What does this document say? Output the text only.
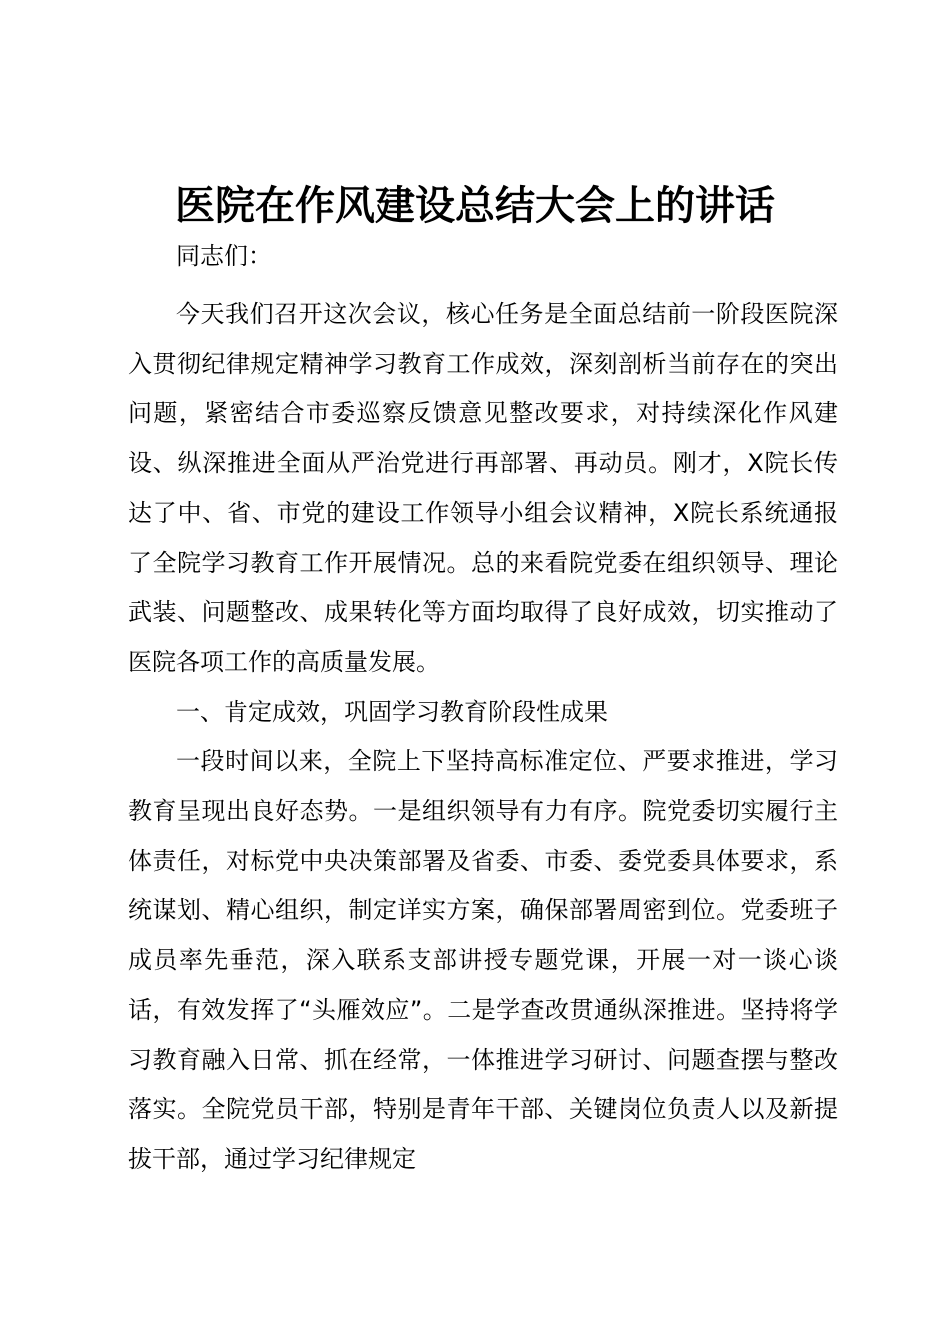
医院在作风建设总结大会上的讲话

同志们：

今天我们召开这次会议，核心任务是全面总结前一阶段医院深入贯彻纪律规定精神学习教育工作成效，深刻剖析当前存在的突出问题，紧密结合市委巡察反馈意见整改要求，对持续深化作风建设、纵深推进全面从严治党进行再部署、再动员。刚才，X院长传达了中、省、市党的建设工作领导小组会议精神，X院长系统通报了全院学习教育工作开展情况。总的来看院党委在组织领导、理论武装、问题整改、成果转化等方面均取得了良好成效，切实推动了医院各项工作的高质量发展。

一、肯定成效，巩固学习教育阶段性成果

一段时间以来，全院上下坚持高标准定位、严要求推进，学习教育呈现出良好态势。一是组织领导有力有序。院党委切实履行主体责任，对标党中央决策部署及省委、市委、委党委具体要求，系统谋划、精心组织，制定详实方案，确保部署周密到位。党委班子成员率先垂范，深入联系支部讲授专题党课，开展一对一谈心谈话，有效发挥了“头雁效应”。二是学查改贯通纵深推进。坚持将学习教育融入日常、抓在经常，一体推进学习研讨、问题查摆与整改落实。全院党员干部，特别是青年干部、关键岗位负责人以及新提拔干部，通过学习纪律规定
